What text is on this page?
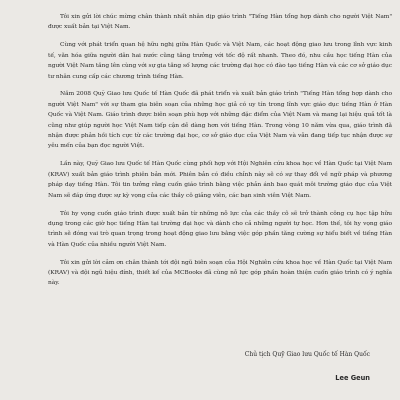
Tôi xin gửi lời chúc mừng chân thành nhất nhân dịp giáo trình "Tiếng Hàn tổng hợp dành cho người Việt Nam" được xuất bản tại Việt Nam.

Cùng với phát triển quan hệ hữu nghị giữa Hàn Quốc và Việt Nam, các hoạt động giao lưu trong lĩnh vực kinh tế, văn hóa giữa người dân hai nước cũng tăng trưởng với tốc độ rất nhanh. Theo đó, nhu cầu học tiếng Hàn của người Việt Nam tăng lên cùng với sự gia tăng số lượng các trường đại học có đào tạo tiếng Hàn và các cơ sở giáo dục tư nhân cung cấp các chương trình tiếng Hàn.

Năm 2008 Quỹ Giao lưu Quốc tế Hàn Quốc đã phát triển và xuất bản giáo trình "Tiếng Hàn tổng hợp dành cho người Việt Nam" với sự tham gia biên soạn của những học giả có uy tín trong lĩnh vực giáo dục tiếng Hàn ở Hàn Quốc và Việt Nam. Giáo trình được biên soạn phù hợp với những đặc điểm của Việt Nam và mang lại hiệu quả tốt là cũng như giúp người học Việt Nam tiếp cận dễ dàng hơn với tiếng Hàn. Trong vòng 10 năm vừa qua, giáo trình đã nhận được phản hồi tích cực từ các trường đại học, cơ sở giáo dục của Việt Nam và vẫn đang tiếp tục nhận được sự yêu mến của bạn đọc người Việt.

Lần này, Quỹ Giao lưu Quốc tế Hàn Quốc cùng phối hợp với Hội Nghiên cứu khoa học về Hàn Quốc tại Việt Nam (KRAV) xuất bản giáo trình phiên bản mới. Phiên bản có điều chỉnh này sẽ có sự thay đổi về ngữ pháp và phương pháp dạy tiếng Hàn. Tôi tin tưởng rằng cuốn giáo trình bằng việc phản ánh bao quát môi trường giáo dục của Việt Nam sẽ đáp ứng được sự kỳ vọng của các thầy cô giảng viên, các bạn sinh viên Việt Nam.

Tôi hy vọng cuốn giáo trình được xuất bản từ những nỗ lực của các thầy cô sẽ trở thành công cụ học tập hữu dụng trong các giờ học tiếng Hàn tại trường đại học và dành cho cả những người tự học. Hơn thế, tôi hy vọng giáo trình sẽ đóng vai trò quan trọng trong hoạt động giao lưu bằng việc góp phần tăng cường sự hiểu biết về tiếng Hàn và Hàn Quốc của nhiều người Việt Nam.

Tôi xin gửi lời cảm ơn chân thành tới đội ngũ biên soạn của Hội Nghiên cứu khoa học về Hàn Quốc tại Việt Nam (KRAV) và đội ngũ hiệu đính, thiết kế của MCBooks đã cùng nỗ lực góp phần hoàn thiện cuốn giáo trình có ý nghĩa này.

Chủ tịch Quỹ Giao lưu Quốc tế Hàn Quốc
Lee Geun
